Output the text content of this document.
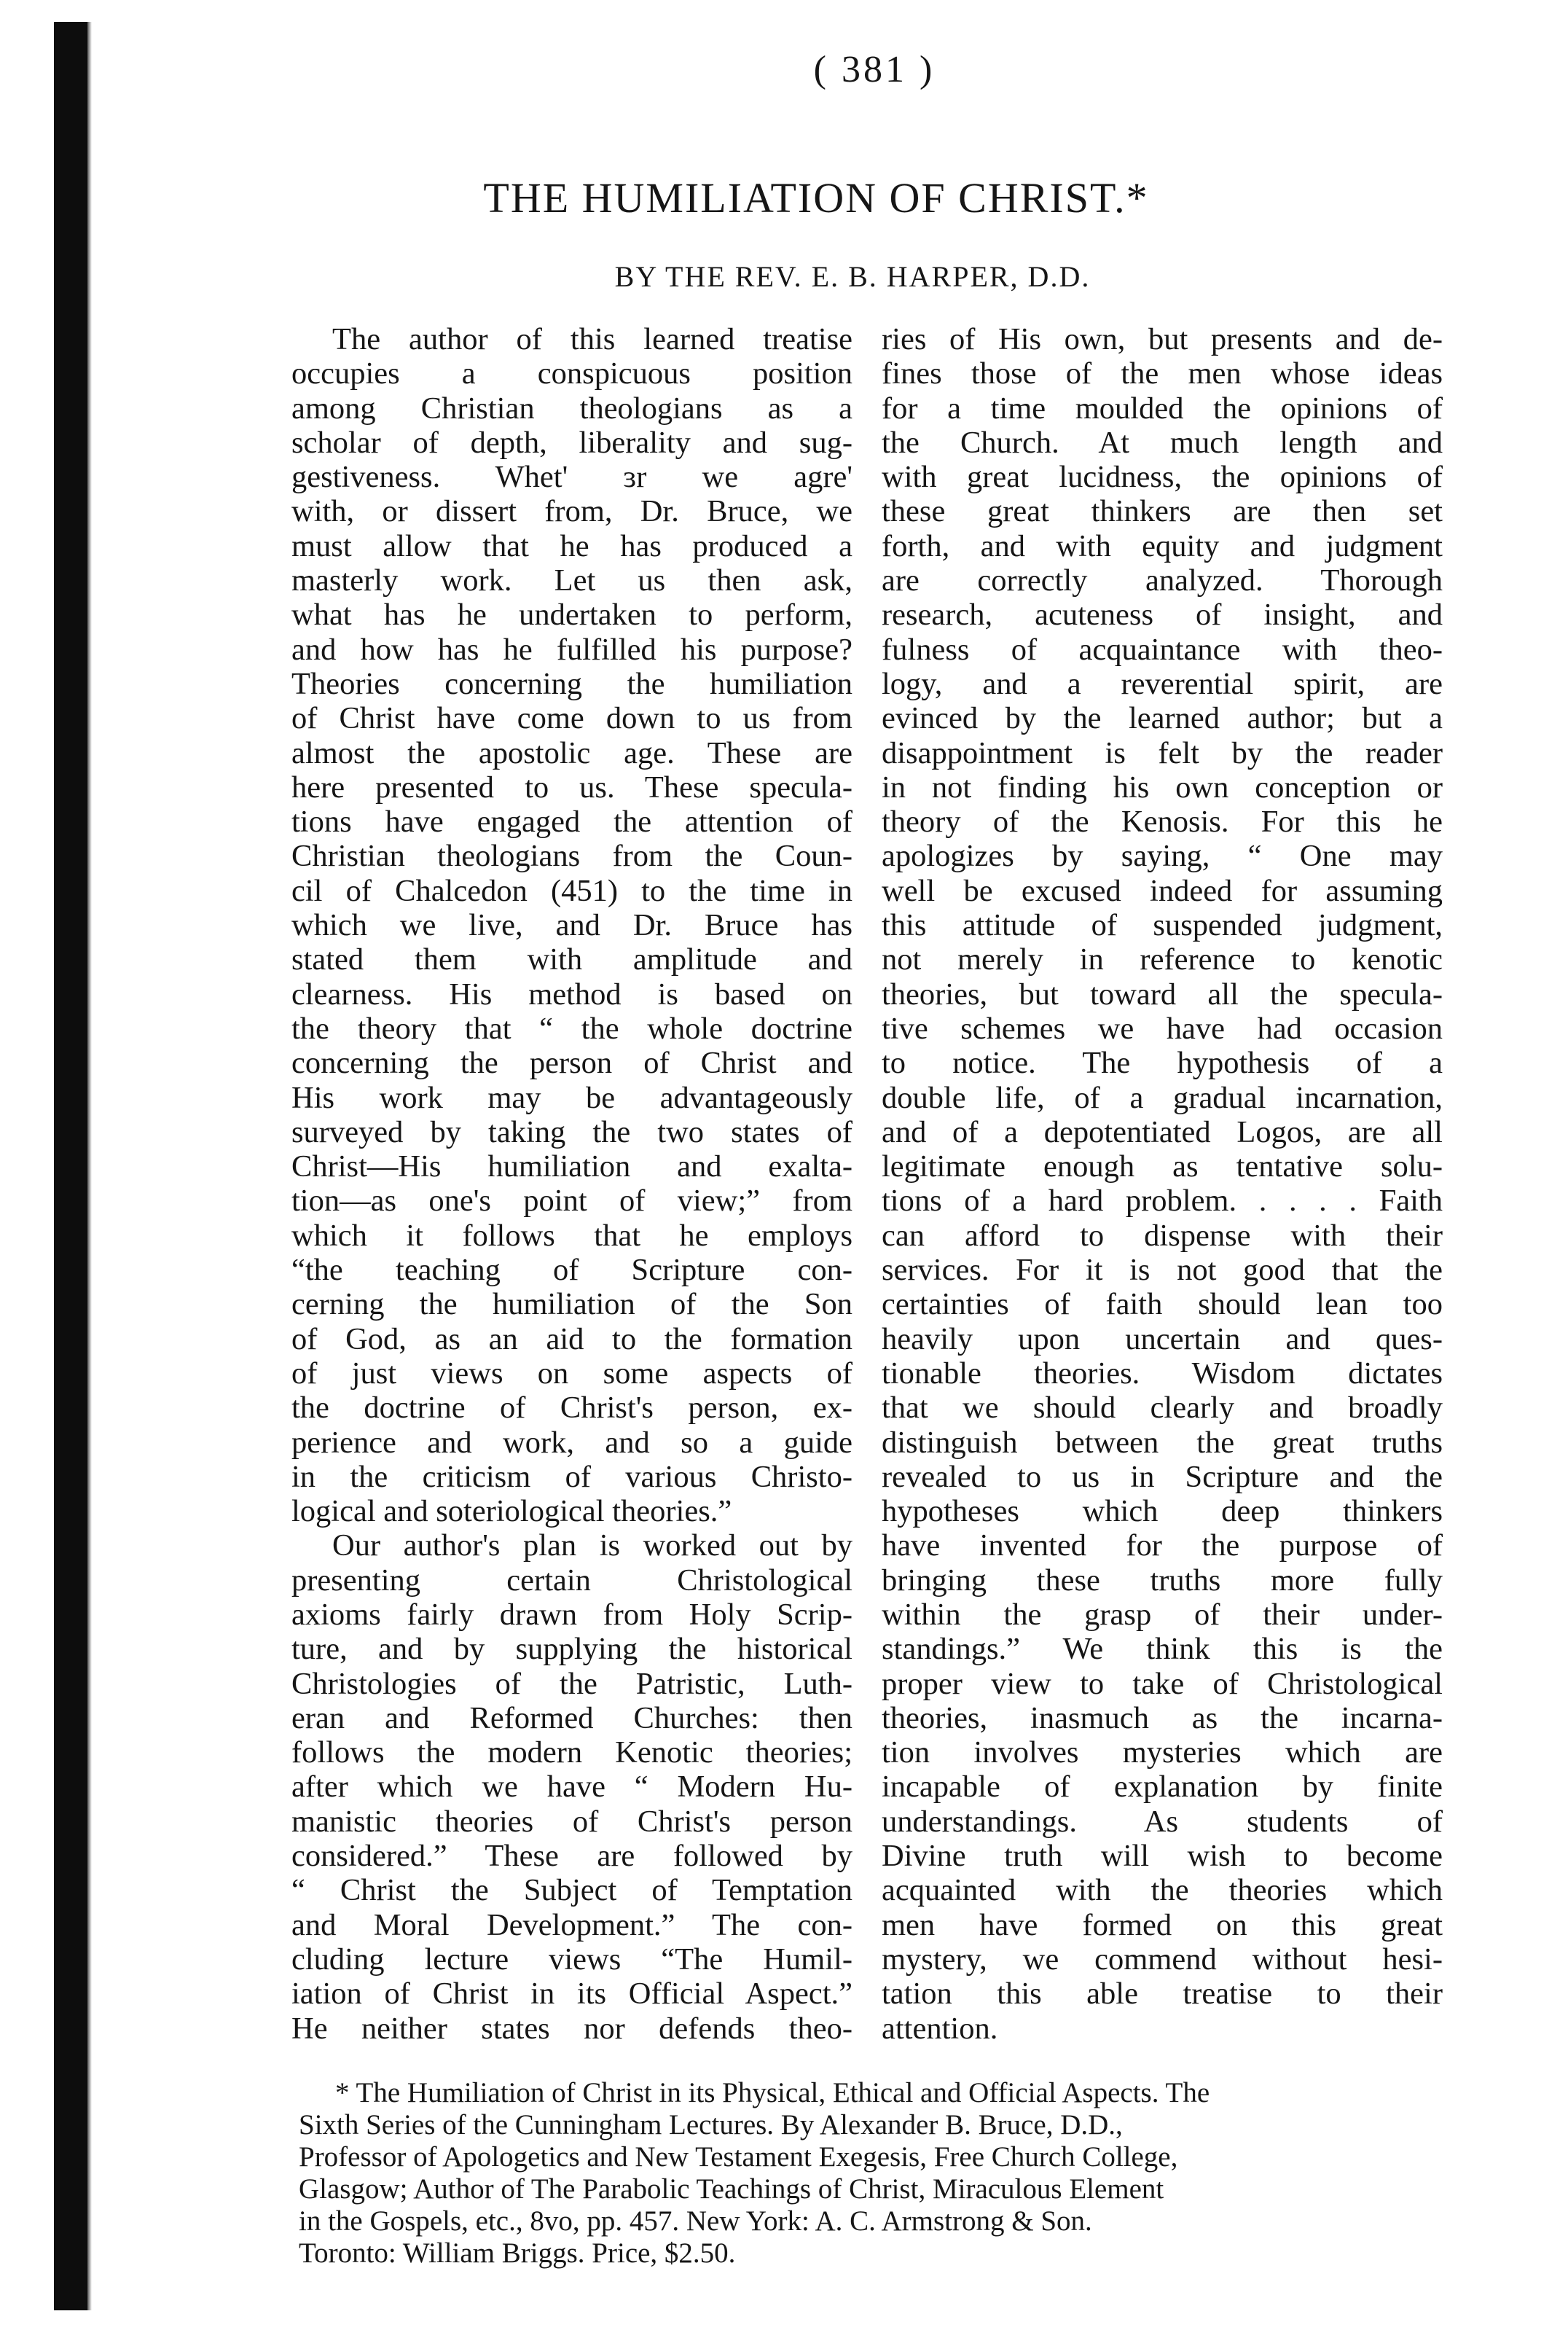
( 381 )
THE HUMILIATION OF CHRIST.*
BY THE REV. E. B. HARPER, D.D.
The author of this learned treatise
occupies a conspicuous position
among Christian theologians as a
scholar of depth, liberality and sug-
gestiveness. Whet' ɜr we agre'
with, or dissert from, Dr. Bruce, we
must allow that he has produced a
masterly work. Let us then ask,
what has he undertaken to perform,
and how has he fulfilled his purpose?
Theories concerning the humiliation
of Christ have come down to us from
almost the apostolic age. These are
here presented to us. These specula-
tions have engaged the attention of
Christian theologians from the Coun-
cil of Chalcedon (451) to the time in
which we live, and Dr. Bruce has
stated them with amplitude and
clearness. His method is based on
the theory that “ the whole doctrine
concerning the person of Christ and
His work may be advantageously
surveyed by taking the two states of
Christ—His humiliation and exalta-
tion—as one's point of view;” from
which it follows that he employs
“the teaching of Scripture con-
cerning the humiliation of the Son
of God, as an aid to the formation
of just views on some aspects of
the doctrine of Christ's person, ex-
perience and work, and so a guide
in the criticism of various Christo-
logical and soteriological theories.”
Our author's plan is worked out by
presenting certain Christological
axioms fairly drawn from Holy Scrip-
ture, and by supplying the historical
Christologies of the Patristic, Luth-
eran and Reformed Churches: then
follows the modern Kenotic theories;
after which we have “ Modern Hu-
manistic theories of Christ's person
considered.” These are followed by
“ Christ the Subject of Temptation
and Moral Development.” The con-
cluding lecture views “The Humil-
iation of Christ in its Official Aspect.”
He neither states nor defends theo-
ries of His own, but presents and de-
fines those of the men whose ideas
for a time moulded the opinions of
the Church. At much length and
with great lucidness, the opinions of
these great thinkers are then set
forth, and with equity and judgment
are correctly analyzed. Thorough
research, acuteness of insight, and
fulness of acquaintance with theo-
logy, and a reverential spirit, are
evinced by the learned author; but a
disappointment is felt by the reader
in not finding his own conception or
theory of the Kenosis. For this he
apologizes by saying, “ One may
well be excused indeed for assuming
this attitude of suspended judgment,
not merely in reference to kenotic
theories, but toward all the specula-
tive schemes we have had occasion
to notice. The hypothesis of a
double life, of a gradual incarnation,
and of a depotentiated Logos, are all
legitimate enough as tentative solu-
tions of a hard problem. . . . . Faith
can afford to dispense with their
services. For it is not good that the
certainties of faith should lean too
heavily upon uncertain and ques-
tionable theories. Wisdom dictates
that we should clearly and broadly
distinguish between the great truths
revealed to us in Scripture and the
hypotheses which deep thinkers
have invented for the purpose of
bringing these truths more fully
within the grasp of their under-
standings.” We think this is the
proper view to take of Christological
theories, inasmuch as the incarna-
tion involves mysteries which are
incapable of explanation by finite
understandings. As students of
Divine truth will wish to become
acquainted with the theories which
men have formed on this great
mystery, we commend without hesi-
tation this able treatise to their
attention.
* The Humiliation of Christ in its Physical, Ethical and Official Aspects. The
Sixth Series of the Cunningham Lectures. By Alexander B. Bruce, D.D.,
Professor of Apologetics and New Testament Exegesis, Free Church College,
Glasgow; Author of The Parabolic Teachings of Christ, Miraculous Element
in the Gospels, etc., 8vo, pp. 457. New York: A. C. Armstrong & Son.
Toronto: William Briggs. Price, $2.50.
